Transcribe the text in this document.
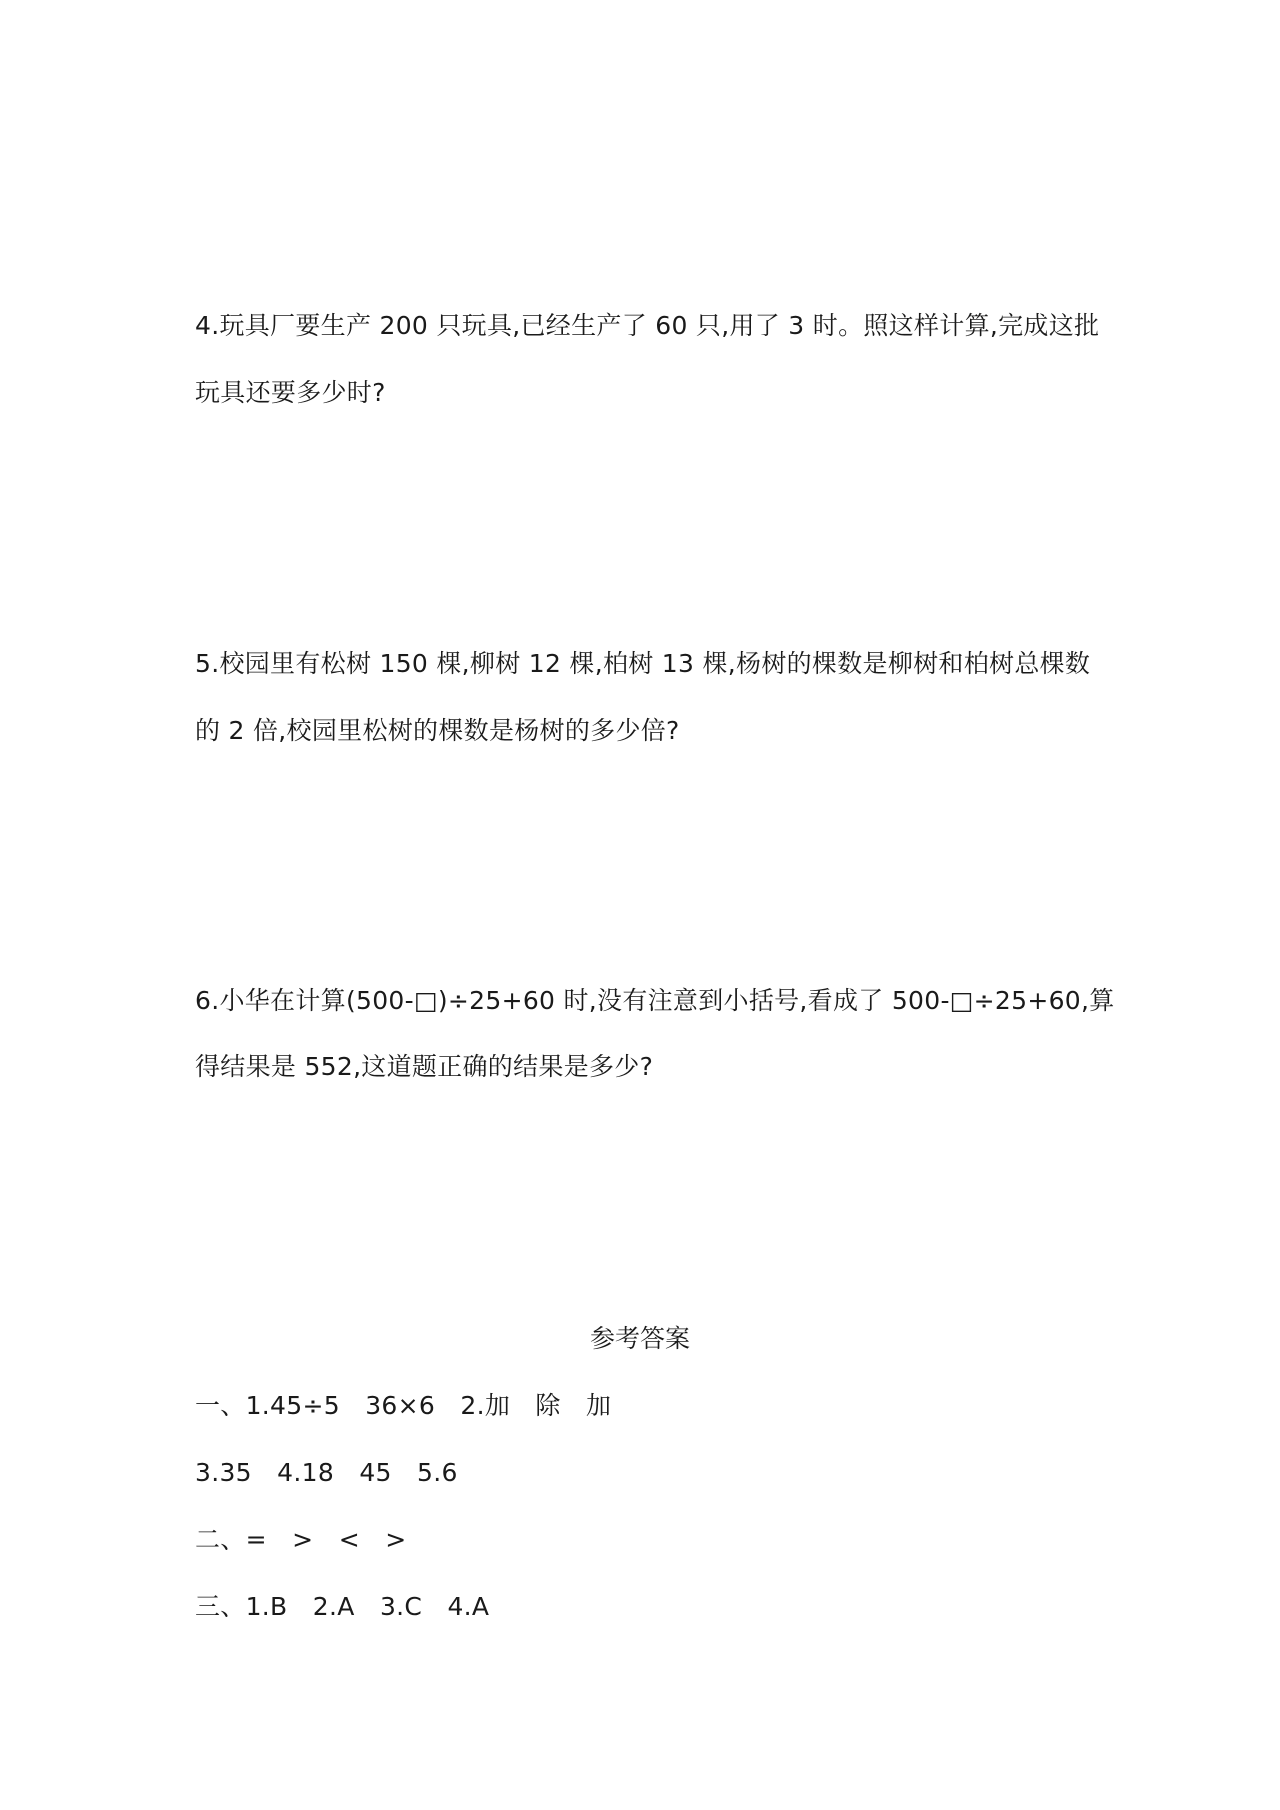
4.玩具厂要生产 200 只玩具,已经生产了 60 只,用了 3 时。照这样计算,完成这批
玩具还要多少时?
5.校园里有松树 150 棵,柳树 12 棵,柏树 13 棵,杨树的棵数是柳树和柏树总棵数
的 2 倍,校园里松树的棵数是杨树的多少倍?
6.小华在计算(500-□)÷25+60 时,没有注意到小括号,看成了 500-□÷25+60,算
得结果是 552,这道题正确的结果是多少?
参考答案
一、1.45÷5　36×6　2.加　除　加
3.35　4.18　45　5.6
二、=　>　<　>
三、1.B　2.A　3.C　4.A
